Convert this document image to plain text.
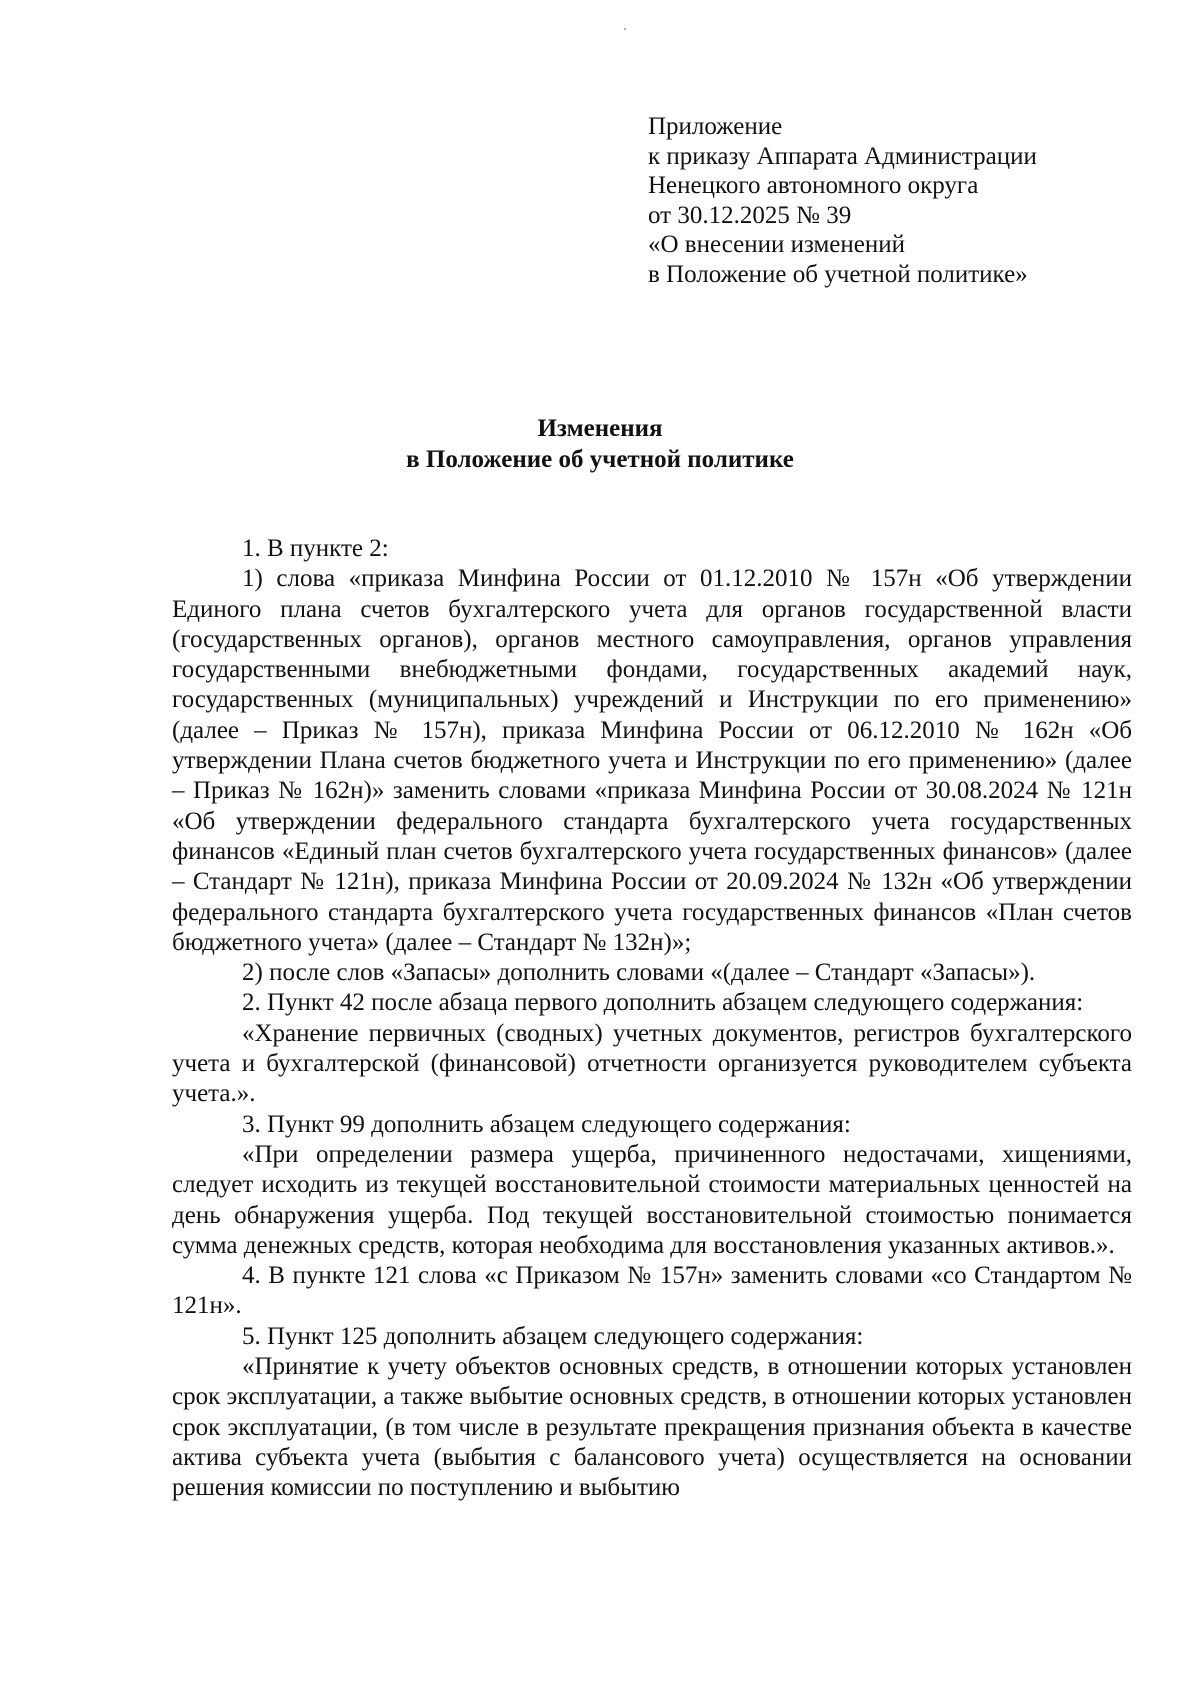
Приложение
к приказу Аппарата Администрации
Ненецкого автономного округа
от 30.12.2025 № 39
«О внесении изменений
в Положение об учетной политике»
Изменения
в Положение об учетной политике

1. В пункте 2:

1) слова «приказа Минфина России от 01.12.2010 № 157н «Об утверждении Единого плана счетов бухгалтерского учета для органов государственной власти (государственных органов), органов местного самоуправления, органов управления государственными внебюджетными фондами, государственных академий наук, государственных (муниципальных) учреждений и Инструкции по его применению» (далее – Приказ № 157н), приказа Минфина России от 06.12.2010 № 162н «Об утверждении Плана счетов бюджетного учета и Инструкции по его применению» (далее – Приказ № 162н)» заменить словами «приказа Минфина России от 30.08.2024 № 121н «Об утверждении федерального стандарта бухгалтерского учета государственных финансов «Единый план счетов бухгалтерского учета государственных финансов» (далее – Стандарт № 121н), приказа Минфина России от 20.09.2024 № 132н «Об утверждении федерального стандарта бухгалтерского учета государственных финансов «План счетов бюджетного учета» (далее – Стандарт № 132н)»;

2) после слов «Запасы» дополнить словами «(далее – Стандарт «Запасы»).

2. Пункт 42 после абзаца первого дополнить абзацем следующего содержания:

«Хранение первичных (сводных) учетных документов, регистров бухгалтерского учета и бухгалтерской (финансовой) отчетности организуется руководителем субъекта учета.».

3. Пункт 99 дополнить абзацем следующего содержания:

«При определении размера ущерба, причиненного недостачами, хищениями, следует исходить из текущей восстановительной стоимости материальных ценностей на день обнаружения ущерба. Под текущей восстановительной стоимостью понимается сумма денежных средств, которая необходима для восстановления указанных активов.».

4. В пункте 121 слова «с Приказом № 157н» заменить словами «со Стандартом № 121н».

5. Пункт 125 дополнить абзацем следующего содержания:

«Принятие к учету объектов основных средств, в отношении которых установлен срок эксплуатации, а также выбытие основных средств, в отношении которых установлен срок эксплуатации, (в том числе в результате прекращения признания объекта в качестве актива субъекта учета (выбытия с балансового учета) осуществляется на основании решения комиссии по поступлению и выбытию
